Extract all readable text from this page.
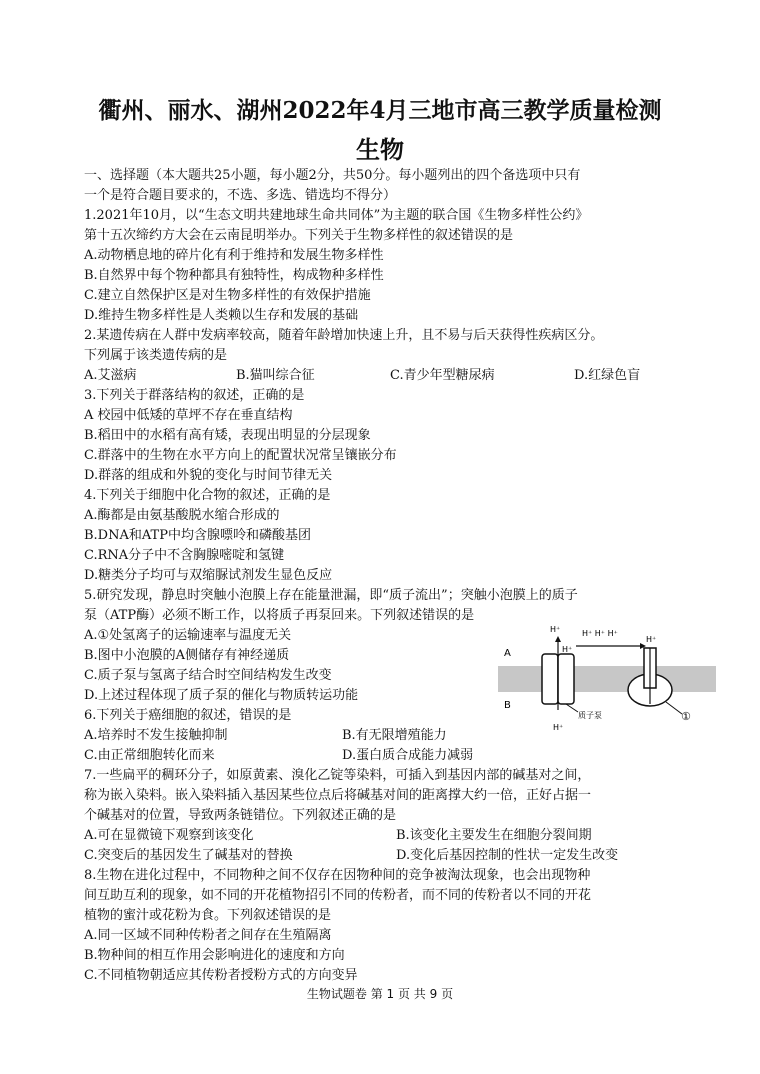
衢州、丽水、湖州2022年4月三地市高三教学质量检测
生物
一、选择题（本大题共25小题，每小题2分，共50分。每小题列出的四个备选项中只有
一个是符合题目要求的，不选、多选、错选均不得分）
1.2021年10月，以“生态文明共建地球生命共同体”为主题的联合国《生物多样性公约》
第十五次缔约方大会在云南昆明举办。下列关于生物多样性的叙述错误的是
A.动物栖息地的碎片化有利于维持和发展生物多样性
B.自然界中每个物种都具有独特性，构成物种多样性
C.建立自然保护区是对生物多样性的有效保护措施
D.维持生物多样性是人类赖以生存和发展的基础
2.某遗传病在人群中发病率较高，随着年龄增加快速上升，且不易与后天获得性疾病区分。
下列属于该类遗传病的是
A.艾滋病	B.猫叫综合征	C.青少年型糖尿病	D.红绿色盲
3.下列关于群落结构的叙述，正确的是
A 校园中低矮的草坪不存在垂直结构
B.稻田中的水稻有高有矮，表现出明显的分层现象
C.群落中的生物在水平方向上的配置状况常呈镶嵌分布
D.群落的组成和外貌的变化与时间节律无关
4.下列关于细胞中化合物的叙述，正确的是
A.酶都是由氨基酸脱水缩合形成的
B.DNA和ATP中均含腺嘌呤和磷酸基团
C.RNA分子中不含胸腺嘧啶和氢键
D.糖类分子均可与双缩脲试剂发生显色反应
5.研究发现，静息时突触小泡膜上存在能量泄漏，即“质子流出”；突触小泡膜上的质子
泵（ATP酶）必须不断工作，以将质子再泵回来。下列叙述错误的是
A.①处氢离子的运输速率与温度无关
B.图中小泡膜的A侧储存有神经递质
C.质子泵与氢离子结合时空间结构发生改变
D.上述过程体现了质子泵的催化与物质转运功能
A
B
H⁺
H⁺
H⁺
H⁺ H⁺ H⁺
H⁺
①
质子泵
6.下列关于癌细胞的叙述，错误的是
A.培养时不发生接触抑制	B.有无限增殖能力
C.由正常细胞转化而来	D.蛋白质合成能力减弱
7.一些扁平的稠环分子，如原黄素、溴化乙锭等染料，可插入到基因内部的碱基对之间，
称为嵌入染料。嵌入染料插入基因某些位点后将碱基对间的距离撑大约一倍，正好占据一
个碱基对的位置，导致两条链错位。下列叙述正确的是
A.可在显微镜下观察到该变化	B.该变化主要发生在细胞分裂间期
C.突变后的基因发生了碱基对的替换	D.变化后基因控制的性状一定发生改变
8.生物在进化过程中，不同物种之间不仅存在因物种间的竞争被淘汰现象，也会出现物种
间互助互利的现象，如不同的开花植物招引不同的传粉者，而不同的传粉者以不同的开花
植物的蜜汁或花粉为食。下列叙述错误的是
A.同一区域不同种传粉者之间存在生殖隔离
B.物种间的相互作用会影响进化的速度和方向
C.不同植物朝适应其传粉者授粉方式的方向变异
生物试题卷 第 1 页 共 9 页
